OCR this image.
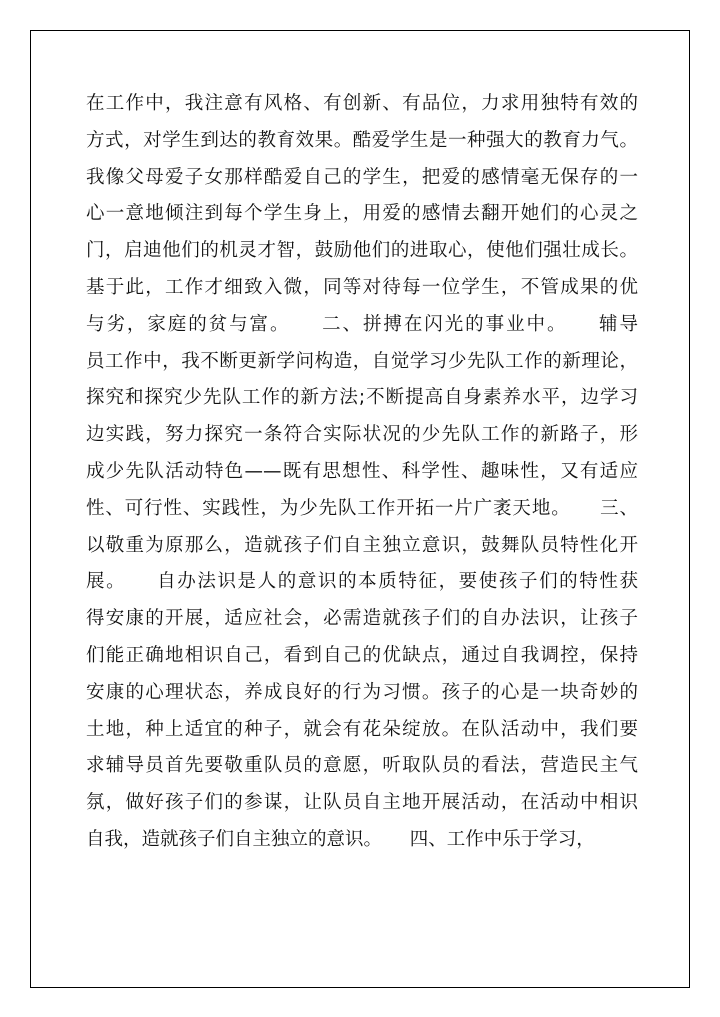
在工作中，我注意有风格、有创新、有品位，力求用独特有效的
方式，对学生到达的教育效果。酷爱学生是一种强大的教育力气。
我像父母爱子女那样酷爱自己的学生，把爱的感情毫无保存的一
心一意地倾注到每个学生身上，用爱的感情去翻开她们的心灵之
门，启迪他们的机灵才智，鼓励他们的进取心，使他们强壮成长。
基于此，工作才细致入微，同等对待每一位学生，不管成果的优
与劣，家庭的贫与富。　　二、拼搏在闪光的事业中。　　辅导
员工作中，我不断更新学问构造，自觉学习少先队工作的新理论，
探究和探究少先队工作的新方法;不断提高自身素养水平，边学习
边实践，努力探究一条符合实际状况的少先队工作的新路子，形
成少先队活动特色——既有思想性、科学性、趣味性，又有适应
性、可行性、实践性，为少先队工作开拓一片广袤天地。　　三、
以敬重为原那么，造就孩子们自主独立意识，鼓舞队员特性化开
展。　　自办法识是人的意识的本质特征，要使孩子们的特性获
得安康的开展，适应社会，必需造就孩子们的自办法识，让孩子
们能正确地相识自己，看到自己的优缺点，通过自我调控，保持
安康的心理状态，养成良好的行为习惯。孩子的心是一块奇妙的
土地，种上适宜的种子，就会有花朵绽放。在队活动中，我们要
求辅导员首先要敬重队员的意愿，听取队员的看法，营造民主气
氛，做好孩子们的参谋，让队员自主地开展活动，在活动中相识
自我，造就孩子们自主独立的意识。　　四、工作中乐于学习，
